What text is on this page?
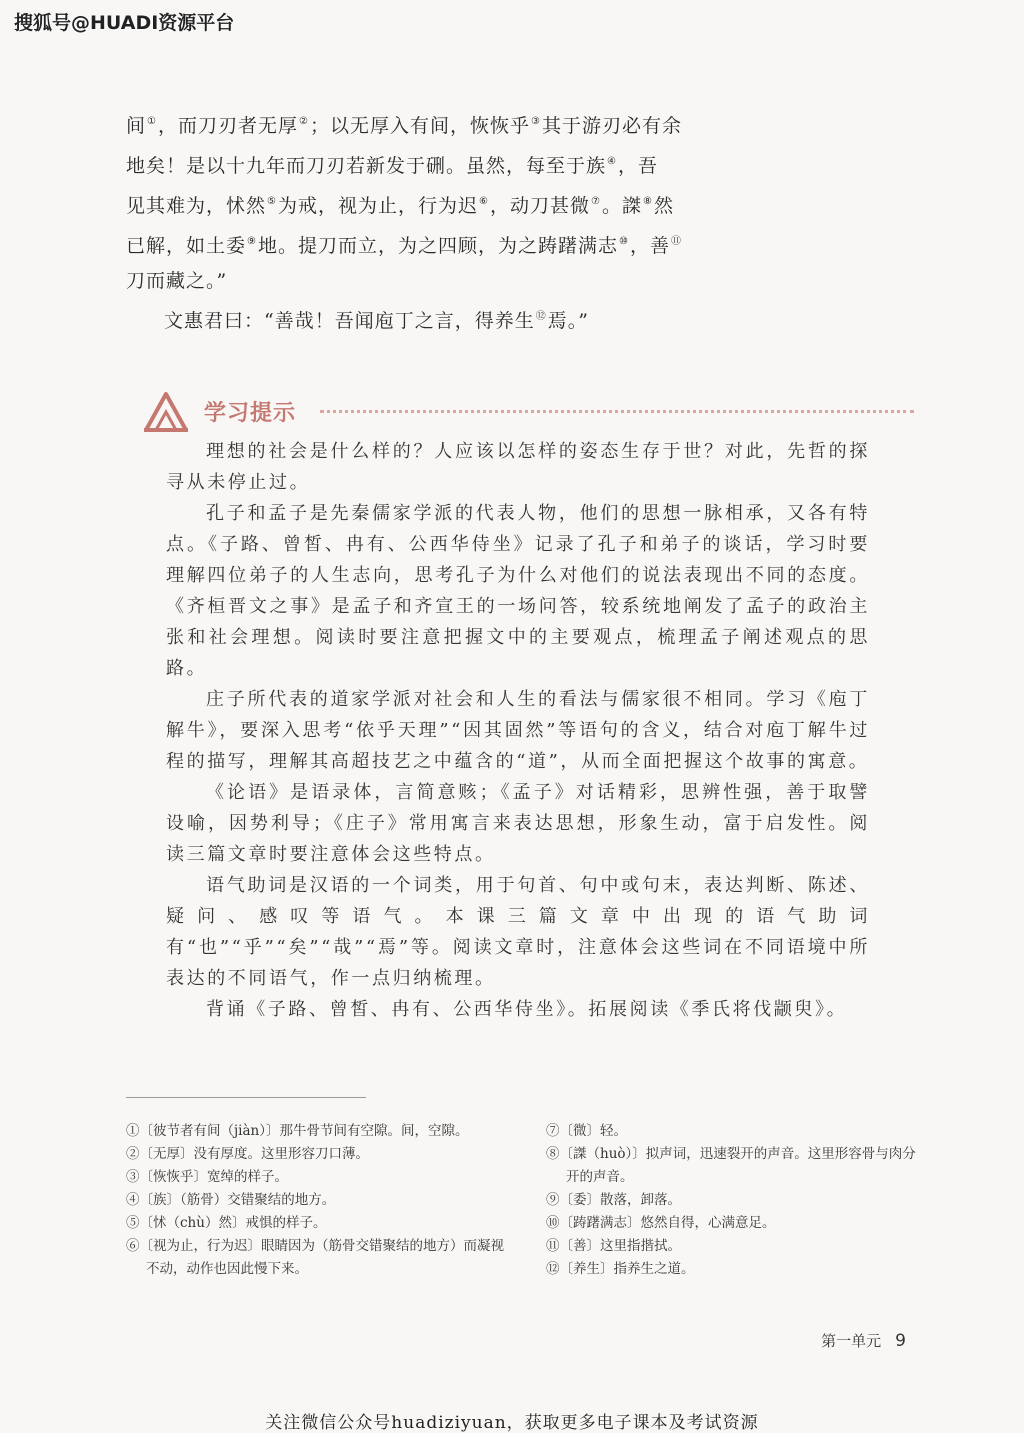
搜狐号@HUADI资源平台

间①，而刀刃者无厚②；以无厚入有间，恢恢乎③其于游刃必有余

地矣！是以十九年而刀刃若新发于硎。虽然，每至于族④，吾

见其难为，怵然⑤为戒，视为止，行为迟⑥，动刀甚微⑦。謋⑧然

已解，如土委⑨地。提刀而立，为之四顾，为之踌躇满志⑩，善⑪

刀而藏之。”

文惠君曰：“善哉！吾闻庖丁之言，得养生⑫焉。”

学习提示

理想的社会是什么样的？人应该以怎样的姿态生存于世？对此，先哲的探寻从未停止过。

孔子和孟子是先秦儒家学派的代表人物，他们的思想一脉相承，又各有特点。《子路、曾皙、冉有、公西华侍坐》记录了孔子和弟子的谈话，学习时要理解四位弟子的人生志向，思考孔子为什么对他们的说法表现出不同的态度。《齐桓晋文之事》是孟子和齐宣王的一场问答，较系统地阐发了孟子的政治主张和社会理想。阅读时要注意把握文中的主要观点，梳理孟子阐述观点的思路。

庄子所代表的道家学派对社会和人生的看法与儒家很不相同。学习《庖丁解牛》，要深入思考“依乎天理”“因其固然”等语句的含义，结合对庖丁解牛过程的描写，理解其高超技艺之中蕴含的“道”，从而全面把握这个故事的寓意。

《论语》是语录体，言简意赅；《孟子》对话精彩，思辨性强，善于取譬设喻，因势利导；《庄子》常用寓言来表达思想，形象生动，富于启发性。阅读三篇文章时要注意体会这些特点。

语气助词是汉语的一个词类，用于句首、句中或句末，表达判断、陈述、疑问、感叹等语气。本课三篇文章中出现的语气助词有“也”“乎”“矣”“哉”“焉”等。阅读文章时，注意体会这些词在不同语境中所表达的不同语气，作一点归纳梳理。

背诵《子路、曾皙、冉有、公西华侍坐》。拓展阅读《季氏将伐颛臾》。

①〔彼节者有间（jiàn）〕那牛骨节间有空隙。间，空隙。
②〔无厚〕没有厚度。这里形容刀口薄。
③〔恢恢乎〕宽绰的样子。
④〔族〕（筋骨）交错聚结的地方。
⑤〔怵（chù）然〕戒惧的样子。
⑥〔视为止，行为迟〕眼睛因为（筋骨交错聚结的地方）而凝视不动，动作也因此慢下来。
⑦〔微〕轻。
⑧〔謋（huò）〕拟声词，迅速裂开的声音。这里形容骨与肉分开的声音。
⑨〔委〕散落，卸落。
⑩〔踌躇满志〕悠然自得，心满意足。
⑪〔善〕这里指揩拭。
⑫〔养生〕指养生之道。
第一单元 9
关注微信公众号huadiziyuan，获取更多电子课本及考试资源
